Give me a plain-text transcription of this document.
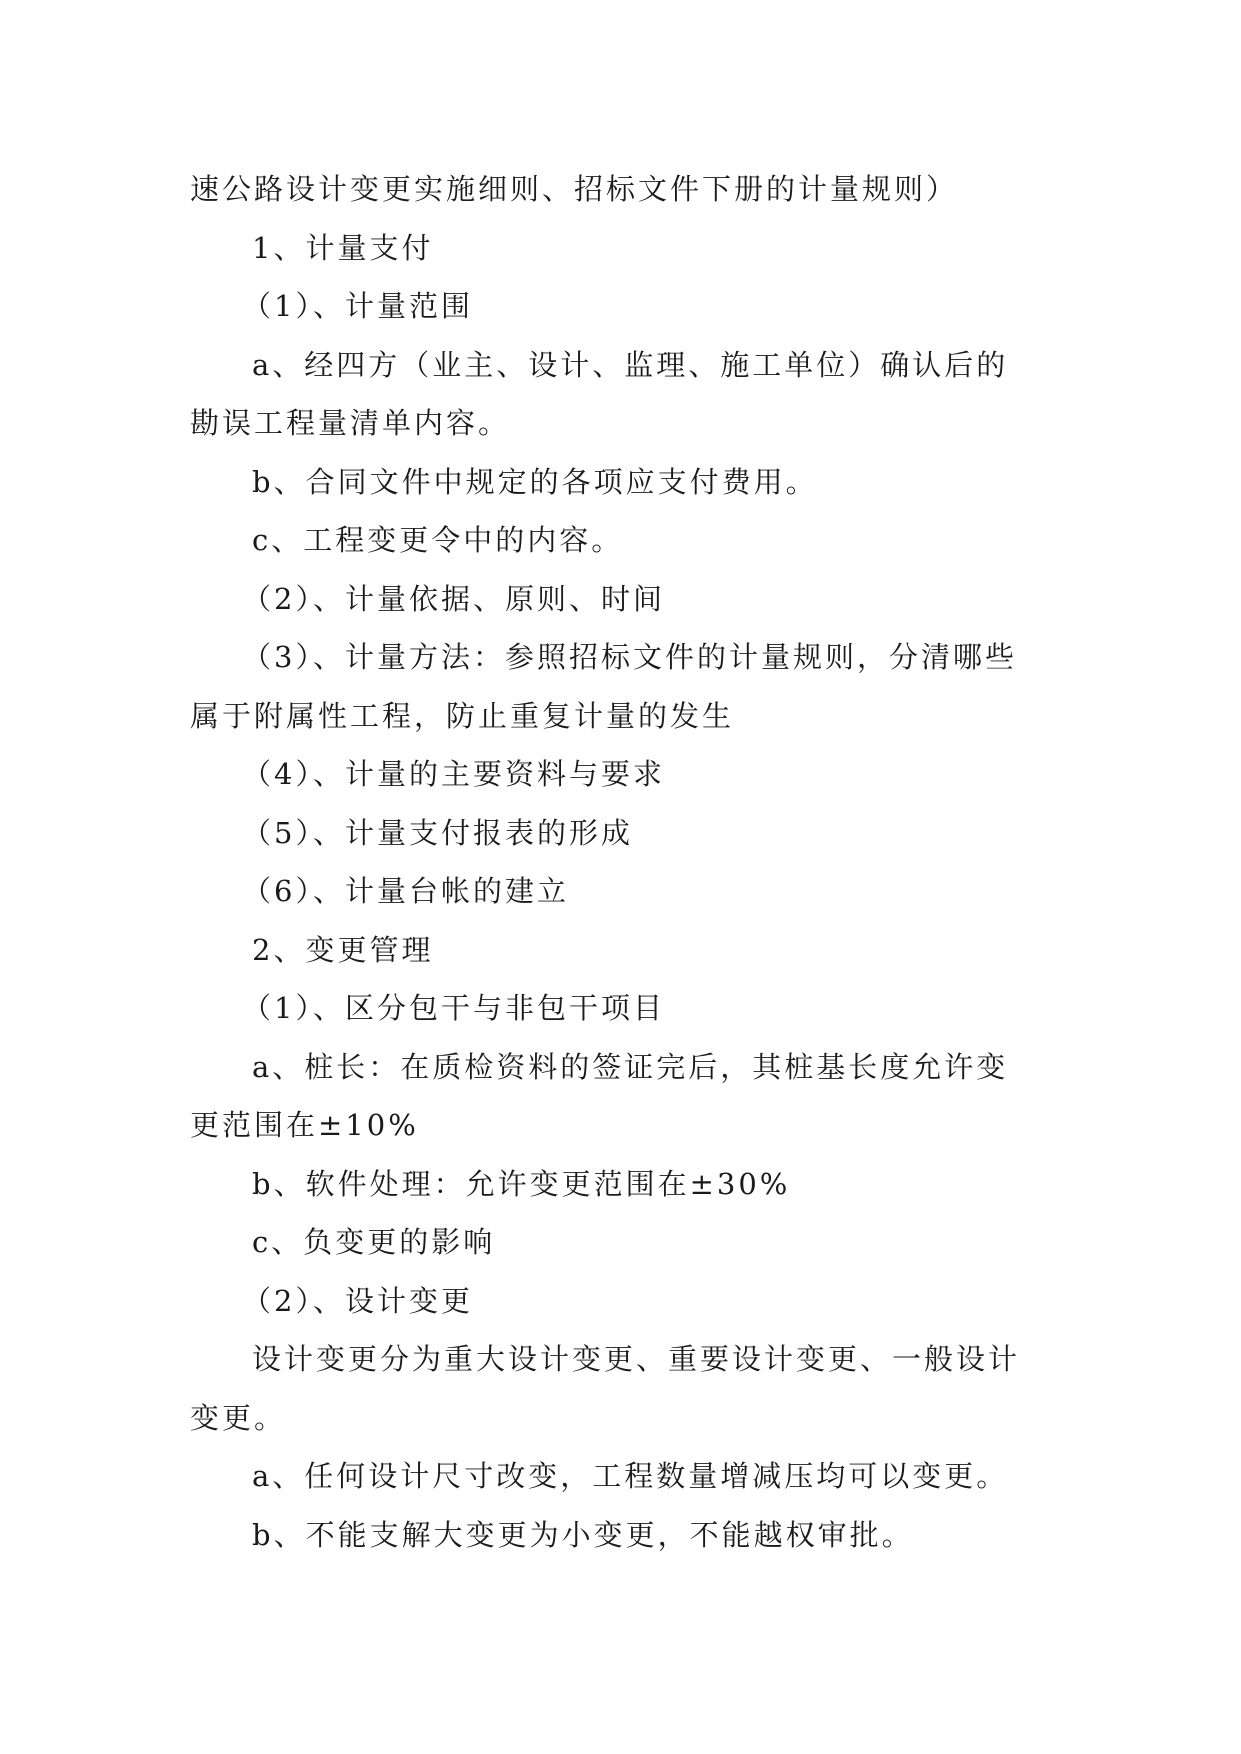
速公路设计变更实施细则、招标文件下册的计量规则）

1、计量支付

（1）、计量范围

a、经四方（业主、设计、监理、施工单位）确认后的

勘误工程量清单内容。

b、合同文件中规定的各项应支付费用。

c、工程变更令中的内容。

（2）、计量依据、原则、时间

（3）、计量方法：参照招标文件的计量规则，分清哪些

属于附属性工程，防止重复计量的发生

（4）、计量的主要资料与要求

（5）、计量支付报表的形成

（6）、计量台帐的建立

2、变更管理

（1）、区分包干与非包干项目

a、桩长：在质检资料的签证完后，其桩基长度允许变

更范围在±10%

b、软件处理：允许变更范围在±30%

c、负变更的影响

（2）、设计变更

设计变更分为重大设计变更、重要设计变更、一般设计

变更。

a、任何设计尺寸改变，工程数量增减压均可以变更。

b、不能支解大变更为小变更，不能越权审批。
